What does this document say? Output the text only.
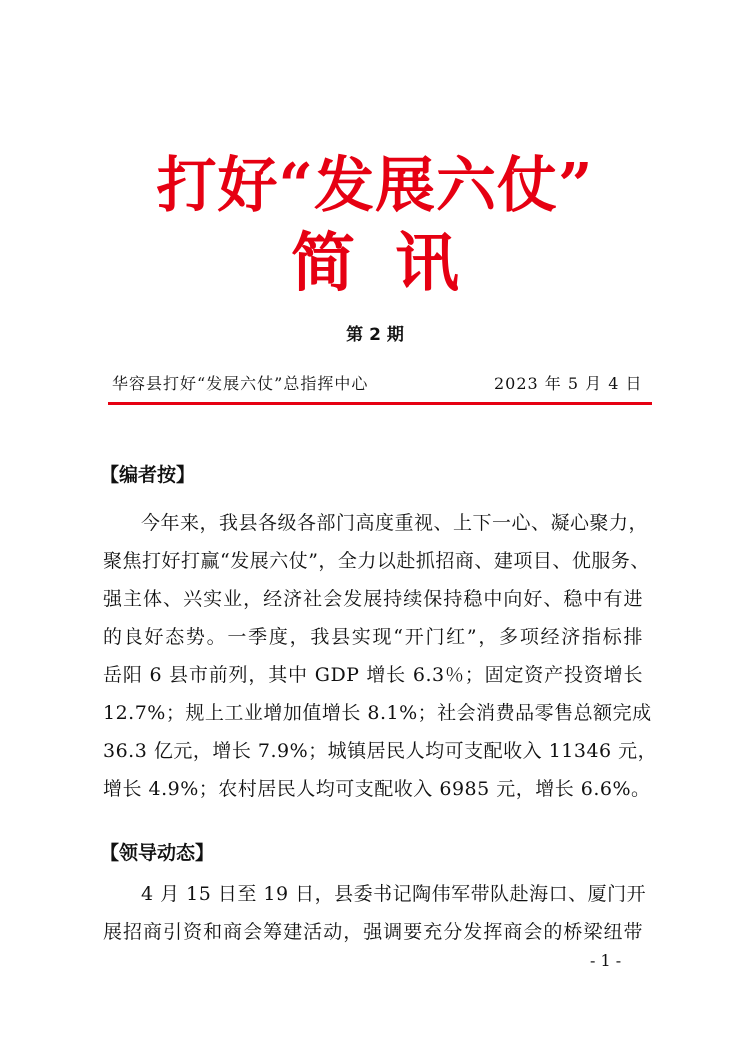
打好“发展六仗”
简讯
第 2 期
华容县打好“发展六仗”总指挥中心	2023 年 5 月 4 日
【编者按】
今年来，我县各级各部门高度重视、上下一心、凝心聚力，
聚焦打好打赢“发展六仗”，全力以赴抓招商、建项目、优服务、
强主体、兴实业，经济社会发展持续保持稳中向好、稳中有进
的良好态势。一季度，我县实现“开门红”，多项经济指标排
岳阳 6 县市前列，其中 GDP 增长 6.3％；固定资产投资增长
12.7%；规上工业增加值增长 8.1%；社会消费品零售总额完成
36.3 亿元，增长 7.9%；城镇居民人均可支配收入 11346 元，
增长 4.9%；农村居民人均可支配收入 6985 元，增长 6.6%。
【领导动态】
4 月 15 日至 19 日，县委书记陶伟军带队赴海口、厦门开
展招商引资和商会筹建活动，强调要充分发挥商会的桥梁纽带
- 1 -
